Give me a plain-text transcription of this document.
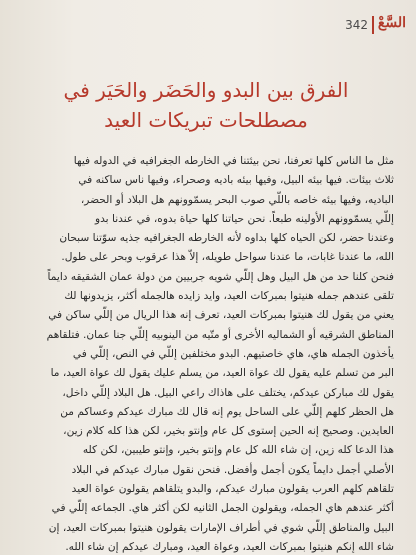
السَّعْ
342
الفرق بين البدو والحَضَر والحَيَر في
مصطلحات تبريكات العيد
مثل ما الناس كلها تعرفنا، نحن بيئتنا في الخارطه الجغرافيه في الدوله فيها
ثلاث بيئات. فيها بيئه البيل، وفيها بيئه باديه وصحراء، وفيها ناس ساكنه في
الباديه، وفيها بيئه خاصه باللّي صوب البحر يسمّوونهم هل البلاد أو الحضر،
إللّي يسمّوونهم الأولينه طبعاً. نحن حياتنا كلها حياة بدوه، في عندنا بدو
وعندنا حضر، لكن الحياه كلها بداوه لأنه الخارطه الجغرافيه جذيه سوّتنا سبحان
الله، ما عندنا غابات، ما عندنا سواحل طويله، إلاّ هذا عرقوب وبحر على طول.
فنحن كلنا حد من هل البيل وهل إللّي شويه جربيين من دولة عمان الشقيقه دايماً
تلقى عندهم جمله هنيتوا بمبركات العيد، وايد زايده هالجمله أكثر، يزيدونها لك
يعني من يقول لك هنيتوا بمبركات العيد، تعرف إنه هذا الريال من إللّي ساكن في
المناطق الشرقيه أو الشماليه الأخرى أو متّيه من الينوبيه إللّي جنا عمان. فتلقاهم
يأخذون الجمله هاي، هاي خاصتيهم. البدو مختلفين إللّي في النص، إللّي في
البر من تسلم عليه يقول لك عواة العيد، من يسلم عليك يقول لك عواة العيد، ما
يقول لك مباركن عيدكم، يختلف على هاذاك راعي البيل. هل البلاد إللّي داخل،
هل الحظر كلهم إللّي على الساحل يوم إنه قال لك مبارك عيدكم وعساكم من
العايدين. وصحيح إنه الحين إستوى كل عام وإنتو بخير، لكن هذا كله كلام زين،
هذا الدعا كله زين، إن شاء الله كل عام وإنتو بخير، وإنتو طيبين، لكن كله
الأصلي أجمل دايماً يكون أجمل وأفضل. فنحن نقول مبارك عيدكم في البلاد
تلقاهم كلهم العرب يقولون مبارك عيدكم، والبدو يتلقاهم يقولون عواة العيد
أكثر عندهم هاي الجمله، ويقولون الجمل الثانيه لكن أكثر هاي. الجماعه إللّي في
البيل والمناطق إللّي شوي في أطراف الإمارات يقولون هنيتوا بمبركات العيد، إن
شاء الله إنكم هنيتوا بمبركات العيد، وعواة العيد، ومبارك عيدكم إن شاء الله.
